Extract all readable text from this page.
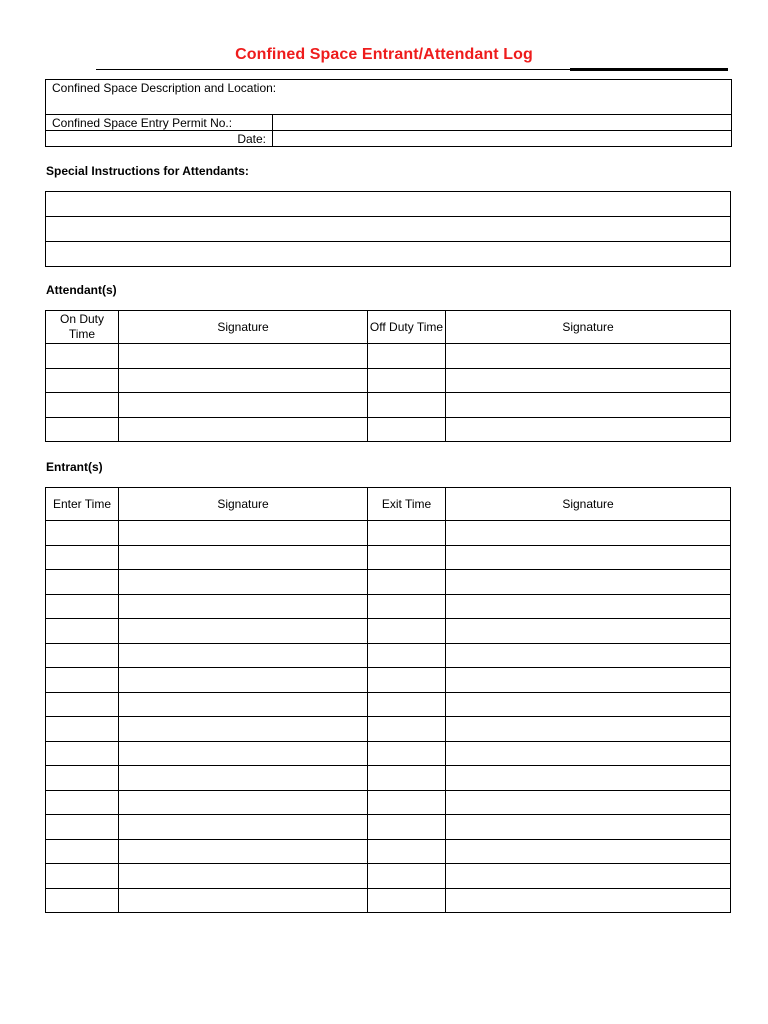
Confined Space Entrant/Attendant Log
Confined Space Description and Location:	
Confined Space Entry Permit No.:	
Date:	
Special Instructions for Attendants:

Attendant(s)
On Duty Time	Signature	Off Duty Time	Signature

Entrant(s)
Enter Time	Signature	Exit Time	Signature
